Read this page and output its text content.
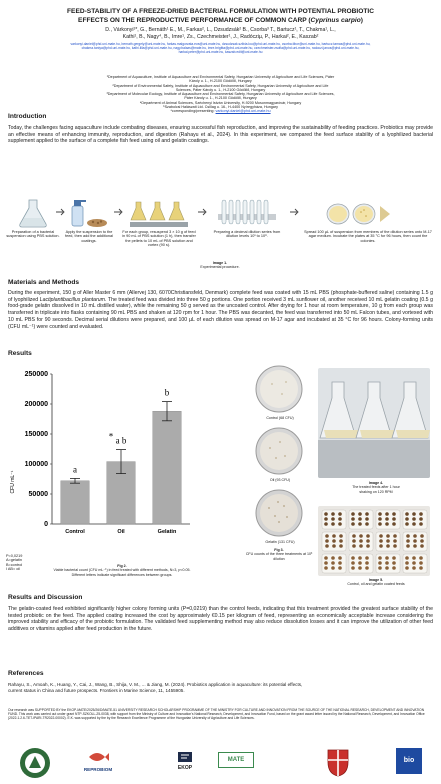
FEED-STABILITY OF A FREEZE-DRIED BACTERIAL FORMULATION WITH POTENTIAL PROBIOTIC
EFFECTS ON THE REPRODUCTIVE PERFORMANCE OF COMMON CARP (Cyprinus carpio)
D., Várkonyi¹*, G., Bernáth¹ E., M., Farkas², L., Dzsudzsák² B., Csorba³ T., Bartucz¹, T., Chakma¹, L.,
Kathi¹, B., Nagy⁴, B., Imre¹, Zs., Czechmeister¹, J., Radócziµ, P., Harkai², E., Kaszab²
varkonyi.daniel@phd.uni-mate.hu, bernath.gergely@uni-mate.hu, farkas.malgorzata.eva@uni-mate.hu, dzsudzsak.szilvia.lou@phd.uni-mate.hu, csorba.tibor@uni-mate.hu, bartucz.tamas@phd.uni-mate.hu,
chakma.taniya@phd.uni-mate.hu, kathi.lilla@phd.uni-mate.hu, nagy.balazs@mate.hu, imre.brigitta@phd.uni-mate.hu, czechmeister.zsofia@phd.uni-mate.hu, radoczi.janos@phd.uni-mate.hu,
harkai.peter@phd.uni-mate.hu, kaszab.edit@uni-mate.hu
¹Department of Aquaculture, Institute of Aquaculture and Environmental Safety, Hungarian University of Agriculture and Life Sciences, Páter
Károly u. 1., H-2100 Gödöllő, Hungary
²Department of Environmental Safety, Institute of Aquaculture and Environmental Safety, Hungarian University of Agriculture and Life
Sciences, Páter Károly u. 1., H-2100 Gödöllő, Hungary
³Department of Molecular Ecology, Institute of Aquaculture and Environmental Safety, Hungarian University of Agriculture and Life Sciences,
Páter Károly u. 1., H-2100 Gödöllő, Hungary
⁴Department of Animal Sciences, Széchenyi István University, H-9200 Mosonmagyaróvár, Hungary
⁵Szabolcsi Halászati Ltd. Csillag u. 16., H-4400 Nyíregyháza, Hungary
*corresponding/presenting: varkonyi.daniel@phd.uni-mate.hu
Introduction
Today, the challenges facing aquaculture include combating diseases, ensuring successful fish reproduction, and improving the sustainability of feeding practices. Probiotics may provide an effective means of enhancing immunity, reproduction, and digestion (Rahayu et al., 2024). In this experiment, we compared the feed surface stability of a lyophilized bacterial supplement applied to the surface of a complete fish feed using oil and gelatin coatings.
Preparation of a bacterial suspension using PBS solution.
Apply the suspension to the feed, then add the additional coatings.
For each group, resuspend 3 × 10 g of feed in 90 mL of PBS solution (1 h), then transfer the pellets to 10 mL of PBS solution and vortex (90 s).
Preparing a decimal dilution series from dilution levels 10¹ to 10⁸.
Spread 100 µL of suspension from members of the dilution series onto M-17 agar medium. Incubate the plates at 35 °C for 96 hours, then count the colonies.
Image 1.
Experimental procedure.
Materials and Methods
During the experiment, 150 g of Aller Master 6 mm (Allervej 130, 6070Christiansfeld, Denmark) complete feed was coated with 15 mL PBS (phosphate-buffered saline) containing 1.5 g of lyophilized Lactiplantibacillus plantarum. The treated feed was divided into three 50 g portions. One portion received 3 mL sunflower oil, another received 10 mL gelatin coating (0.5 g food-grade gelatin dissolved in 10 mL distilled water), while the remaining 50 g served as the uncoated control. After drying for 1 hour at room temperature, 10 g from each group was transferred in triplicate into flasks containing 90 mL PBS and shaken at 120 rpm for 1 hour. The PBS was decanted, the feed was transferred into 50 mL Falcon tubes, and vortexed with 10 mL PBS for 90 seconds. Decimal serial dilutions were prepared, and 100 µL of each dilution was spread on M-17 agar and incubated at 35 °C for 96 hours. Colony-forming units (CFU mL⁻¹) were counted and evaluated.
Results
0
50000
100000
150000
200000
250000
a
Control
a b
*
Oil
b
Gelatin
CFU mL⁻¹
P=0,0219
A=gelatin
B=control
I AB= oil
Fig 2.
Viable bacterial count (CFU mL⁻¹) in feed treated with different methods, N=3, p<0.05. Different letters indicate significant differences between groups.
Control (68 CFU)
Oil (93 CFU)
Gelatin (131 CFU)
Fig 3.
CFU counts of the three treatments at 10³ dilution
Image 4.
The treated feeds after 1 hour shaking on 120 RPM
Image 5.
Control, oil and gelatin coated feeds
Results and Discussion
The gelatin-coated feed exhibited significantly higher colony forming units (P=0,0219) than the control feeds, indicating that this treatment provided the greatest surface stability of the tested probiotic on the feed. The applied coating increased the cost by approximately €0.15 per kilogram of feed, representing an economically acceptable increase considering the improved stability and efficacy of the probiotic formulation. The validated feed supplementing method may also reduce dissolution losses and it can improve the utilization of other feed additives or vitamins applied after feed production in the future.
References
Rahayu, S., Amoah, K., Huang, Y., Cai, J., Wang, B., Shija, V. M., ... & Jiang, M. (2024). Probiotics application in aquaculture: its potential effects,
current status in China and future prospects. Frontiers in Marine Science, 11, 1455905.
Our research was SUPPORTED BY the EKOP-MATE/2025/26/D/MATE-51 UNIVERSITY RESEARCH SCHOLARSHIP PROGRAMME OF THE MINISTRY FOR CULTURE AND INNOVATION FROM THE SOURCE OF THE NATIONAL RESEARCH, DEVELOPMENT AND INNOVATION FUND. This work was carried out under grant NTP-SZKOLL-25-0038, with support from the Ministry of Culture and Innovation’s National Research, Development, and Innovation Fund, based on the grant award letter issued by the National Research, Development, and Innovation Office (2022-1.2.6-TET-IPARI-TR2022-00002). E.K. was supported by the by the Research Excellence Programme of the Hungarian University of Agriculture and Life Sciences.
REPROBIOM	EKOP
MATE	bio
